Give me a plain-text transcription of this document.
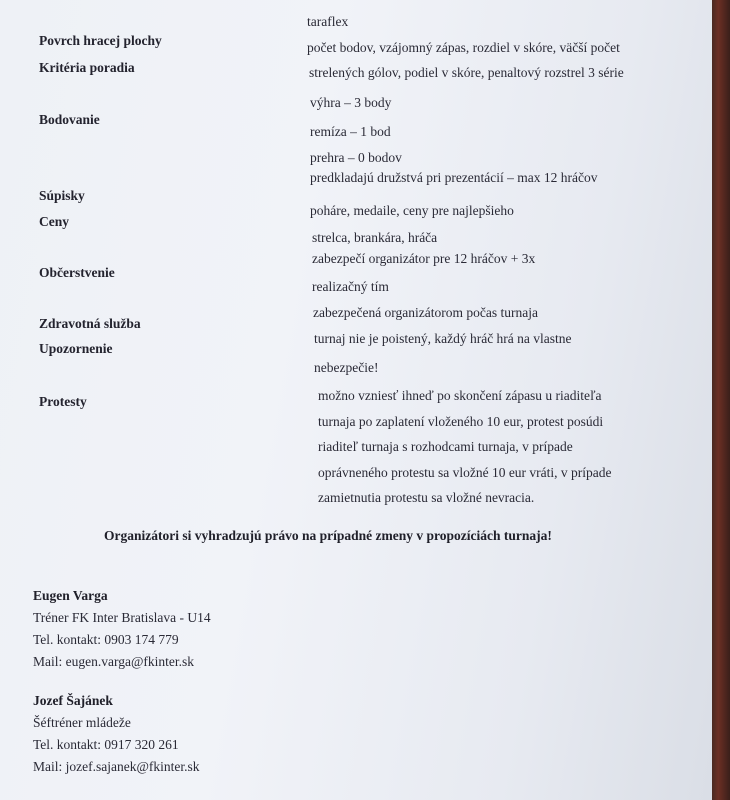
Povrch hracej plochy
taraflex
Kritéria poradia
počet bodov, vzájomný zápas, rozdiel v skóre, väčší počet
strelených gólov, podiel v skóre, penaltový rozstrel 3 série
Bodovanie
výhra – 3 body
remíza – 1 bod
prehra – 0 bodov
Súpisky
predkladajú družstvá pri prezentácií – max 12 hráčov
Ceny
poháre, medaile, ceny pre najlepšieho
strelca, brankára, hráča
Občerstvenie
zabezpečí organizátor pre 12 hráčov + 3x
realizačný tím
Zdravotná služba
zabezpečená organizátorom počas turnaja
Upozornenie
turnaj nie je poistený, každý hráč hrá na vlastne
nebezpečie!
Protesty	možno vzniesť ihneď po skončení zápasu u riaditeľa
turnaja po zaplatení vloženého 10 eur, protest posúdi
riaditeľ turnaja s rozhodcami turnaja, v prípade
oprávneného protestu sa vložné 10 eur vráti, v prípade
zamietnutia protestu sa vložné nevracia.
Organizátori si vyhradzujú právo na prípadné zmeny v propozíciách turnaja!
Eugen Varga
Tréner FK Inter Bratislava - U14
Tel. kontakt: 0903 174 779
Mail: eugen.varga@fkinter.sk
Jozef Šajánek
Šéftréner mládeže
Tel. kontakt: 0917 320 261
Mail: jozef.sajanek@fkinter.sk
